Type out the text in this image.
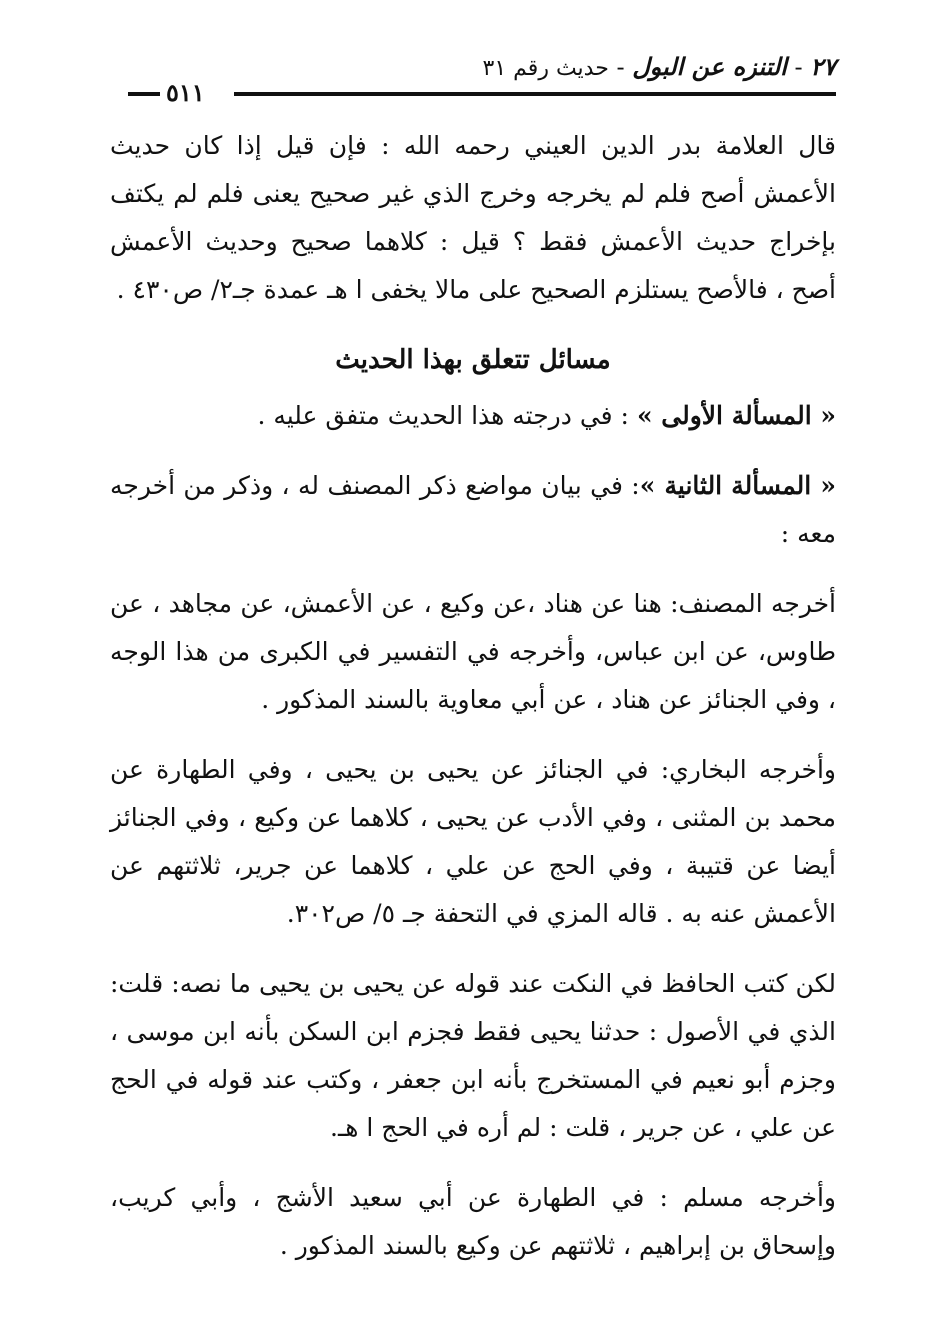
٢٧ - التنزه عن البول - حديث رقم ٣١
٥١١

قال العلامة بدر الدين العيني رحمه الله : فإن قيل إذا كان حديث الأعمش أصح فلم لم يخرجه وخرج الذي غير صحيح يعنى فلم لم يكتف بإخراج حديث الأعمش فقط ؟ قيل : كلاهما صحيح وحديث الأعمش أصح ، فالأصح يستلزم الصحيح على مالا يخفى ا هـ عمدة جـ٢/ ص٤٣٠ .

مسائل تتعلق بهذا الحديث

« المسألة الأولى » : في درجته هذا الحديث متفق عليه .

« المسألة الثانية »: في بيان مواضع ذكر المصنف له ، وذكر من أخرجه معه :

أخرجه المصنف: هنا عن هناد ،عن وكيع ، عن الأعمش، عن مجاهد ، عن طاوس، عن ابن عباس، وأخرجه في التفسير في الكبرى من هذا الوجه ، وفي الجنائز عن هناد ، عن أبي معاوية بالسند المذكور .

وأخرجه البخاري: في الجنائز عن يحيى بن يحيى ، وفي الطهارة عن محمد بن المثنى ، وفي الأدب عن يحيى ، كلاهما عن وكيع ، وفي الجنائز أيضا عن قتيبة ، وفي الحج عن علي ، كلاهما عن جرير، ثلاثتهم عن الأعمش عنه به . قاله المزي في التحفة جـ ٥/ ص٣٠٢.

لكن كتب الحافظ في النكت عند قوله عن يحيى بن يحيى ما نصه: قلت: الذي في الأصول : حدثنا يحيى فقط فجزم ابن السكن بأنه ابن موسى ، وجزم أبو نعيم في المستخرج بأنه ابن جعفر ، وكتب عند قوله في الحج عن علي ، عن جرير ، قلت : لم أره في الحج ا هـ.

وأخرجه مسلم : في الطهارة عن أبي سعيد الأشج ، وأبي كريب، وإسحاق بن إبراهيم ، ثلاثتهم عن وكيع بالسند المذكور .
